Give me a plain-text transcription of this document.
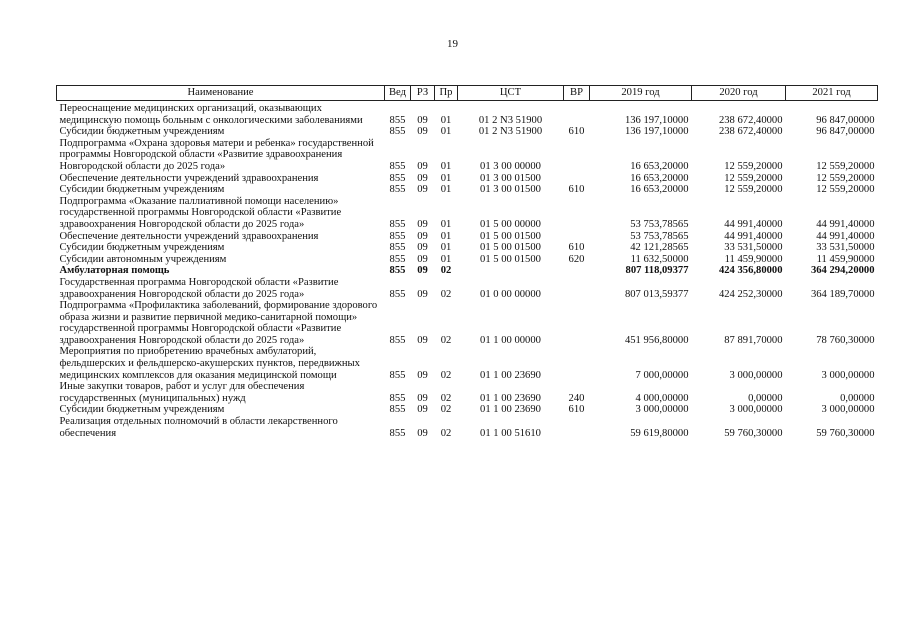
19
Наименование	Вед	РЗ	Пр	ЦСТ	ВР	2019 год	2020 год	2021 год
Переоснащение медицинских организаций, оказывающих медицинскую помощь больным с онкологическими заболеваниями	855	09	01	01 2 N3 51900		136 197,10000	238 672,40000	96 847,00000
Субсидии бюджетным учреждениям	855	09	01	01 2 N3 51900	610	136 197,10000	238 672,40000	96 847,00000
Подпрограмма «Охрана здоровья матери и ребенка» государственной программы Новгородской области «Развитие здравоохранения Новгородской области до 2025 года»	855	09	01	01 3 00 00000		16 653,20000	12 559,20000	12 559,20000
Обеспечение деятельности учреждений здравоохранения	855	09	01	01 3 00 01500		16 653,20000	12 559,20000	12 559,20000
Субсидии бюджетным учреждениям	855	09	01	01 3 00 01500	610	16 653,20000	12 559,20000	12 559,20000
Подпрограмма «Оказание паллиативной помощи населению» государственной программы Новгородской области «Развитие здравоохранения Новгородской области до 2025 года»	855	09	01	01 5 00 00000		53 753,78565	44 991,40000	44 991,40000
Обеспечение деятельности учреждений здравоохранения	855	09	01	01 5 00 01500		53 753,78565	44 991,40000	44 991,40000
Субсидии бюджетным учреждениям	855	09	01	01 5 00 01500	610	42 121,28565	33 531,50000	33 531,50000
Субсидии автономным учреждениям	855	09	01	01 5 00 01500	620	11 632,50000	11 459,90000	11 459,90000
Амбулаторная помощь	855	09	02			807 118,09377	424 356,80000	364 294,20000
Государственная программа Новгородской области «Развитие здравоохранения Новгородской области до 2025 года»	855	09	02	01 0 00 00000		807 013,59377	424 252,30000	364 189,70000
Подпрограмма «Профилактика заболеваний, формирование здорового образа жизни и развитие первичной медико-санитарной помощи» государственной программы Новгородской области «Развитие здравоохранения Новгородской области до 2025 года»	855	09	02	01 1 00 00000		451 956,80000	87 891,70000	78 760,30000
Мероприятия по приобретению врачебных амбулаторий, фельдшерских и фельдшерско-акушерских пунктов, передвижных медицинских комплексов для оказания медицинской помощи	855	09	02	01 1 00 23690		7 000,00000	3 000,00000	3 000,00000
Иные закупки товаров, работ и услуг для обеспечения государственных (муниципальных) нужд	855	09	02	01 1 00 23690	240	4 000,00000	0,00000	0,00000
Субсидии бюджетным учреждениям	855	09	02	01 1 00 23690	610	3 000,00000	3 000,00000	3 000,00000
Реализация отдельных полномочий в области лекарственного обеспечения	855	09	02	01 1 00 51610		59 619,80000	59 760,30000	59 760,30000
